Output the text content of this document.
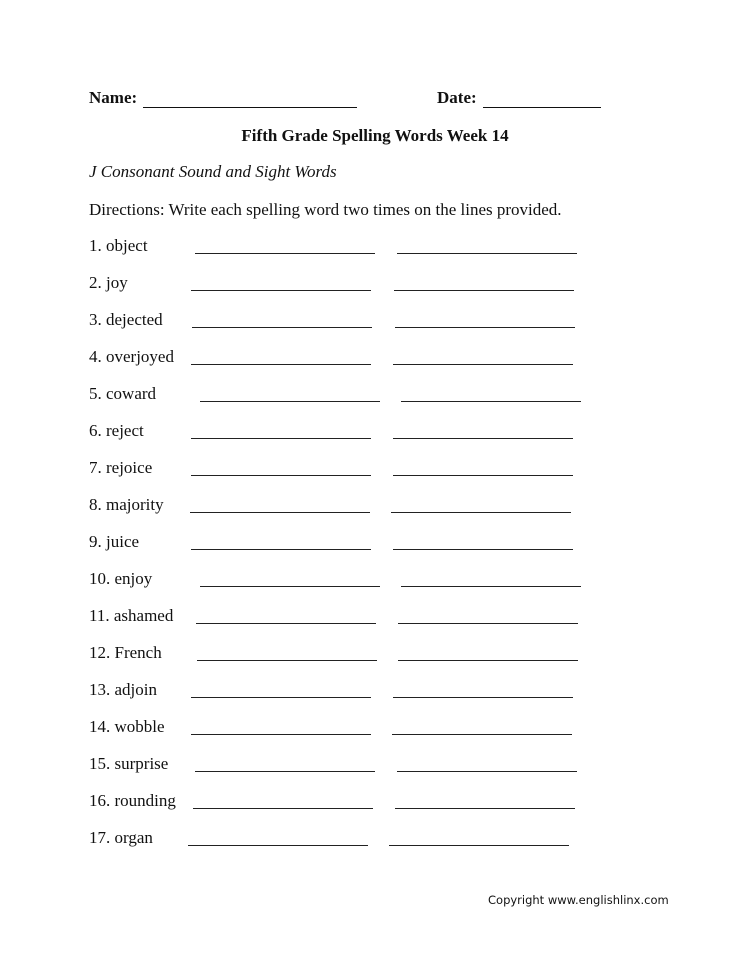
Name:	Date:
Fifth Grade Spelling Words Week 14
J Consonant Sound and Sight Words
Directions: Write each spelling word two times on the lines provided.
1. object
2. joy
3. dejected
4. overjoyed
5. coward
6. reject
7. rejoice
8. majority
9. juice
10. enjoy
11. ashamed
12. French
13. adjoin
14. wobble
15. surprise
16. rounding
17. organ
Copyright www.englishlinx.com
